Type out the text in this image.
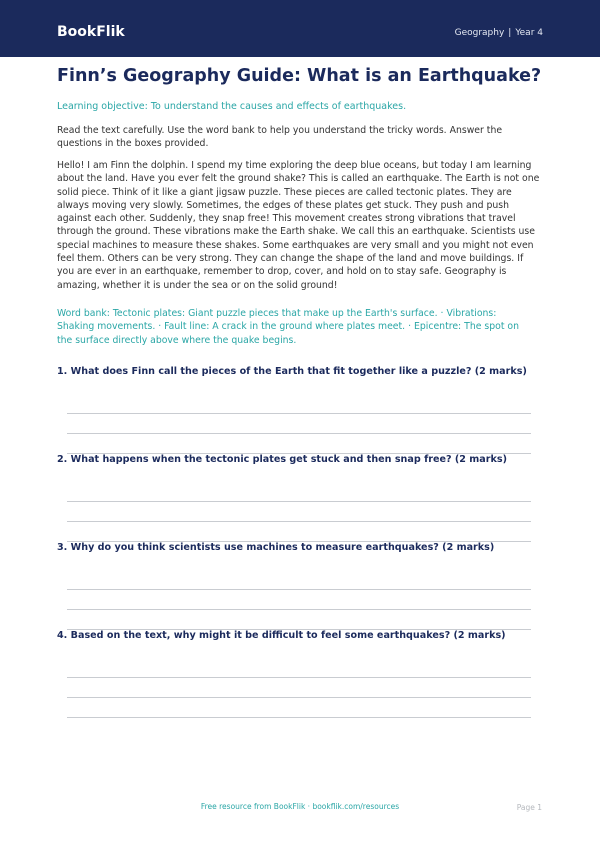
BookFlik	Geography | Year 4
Finn’s Geography Guide: What is an Earthquake?

Learning objective: To understand the causes and effects of earthquakes.

Read the text carefully. Use the word bank to help you understand the tricky words. Answer the questions in the boxes provided.

Hello! I am Finn the dolphin. I spend my time exploring the deep blue oceans, but today I am learning about the land. Have you ever felt the ground shake? This is called an earthquake. The Earth is not one solid piece. Think of it like a giant jigsaw puzzle. These pieces are called tectonic plates. They are always moving very slowly. Sometimes, the edges of these plates get stuck. They push and push against each other. Suddenly, they snap free! This movement creates strong vibrations that travel through the ground. These vibrations make the Earth shake. We call this an earthquake. Scientists use special machines to measure these shakes. Some earthquakes are very small and you might not even feel them. Others can be very strong. They can change the shape of the land and move buildings. If you are ever in an earthquake, remember to drop, cover, and hold on to stay safe. Geography is amazing, whether it is under the sea or on the solid ground!

Word bank: Tectonic plates: Giant puzzle pieces that make up the Earth's surface. · Vibrations: Shaking movements. · Fault line: A crack in the ground where plates meet. · Epicentre: The spot on the surface directly above where the quake begins.

1. What does Finn call the pieces of the Earth that fit together like a puzzle? (2 marks)
2. What happens when the tectonic plates get stuck and then snap free? (2 marks)
3. Why do you think scientists use machines to measure earthquakes? (2 marks)
4. Based on the text, why might it be difficult to feel some earthquakes? (2 marks)
Free resource from BookFlik · bookflik.com/resources	Page 1
